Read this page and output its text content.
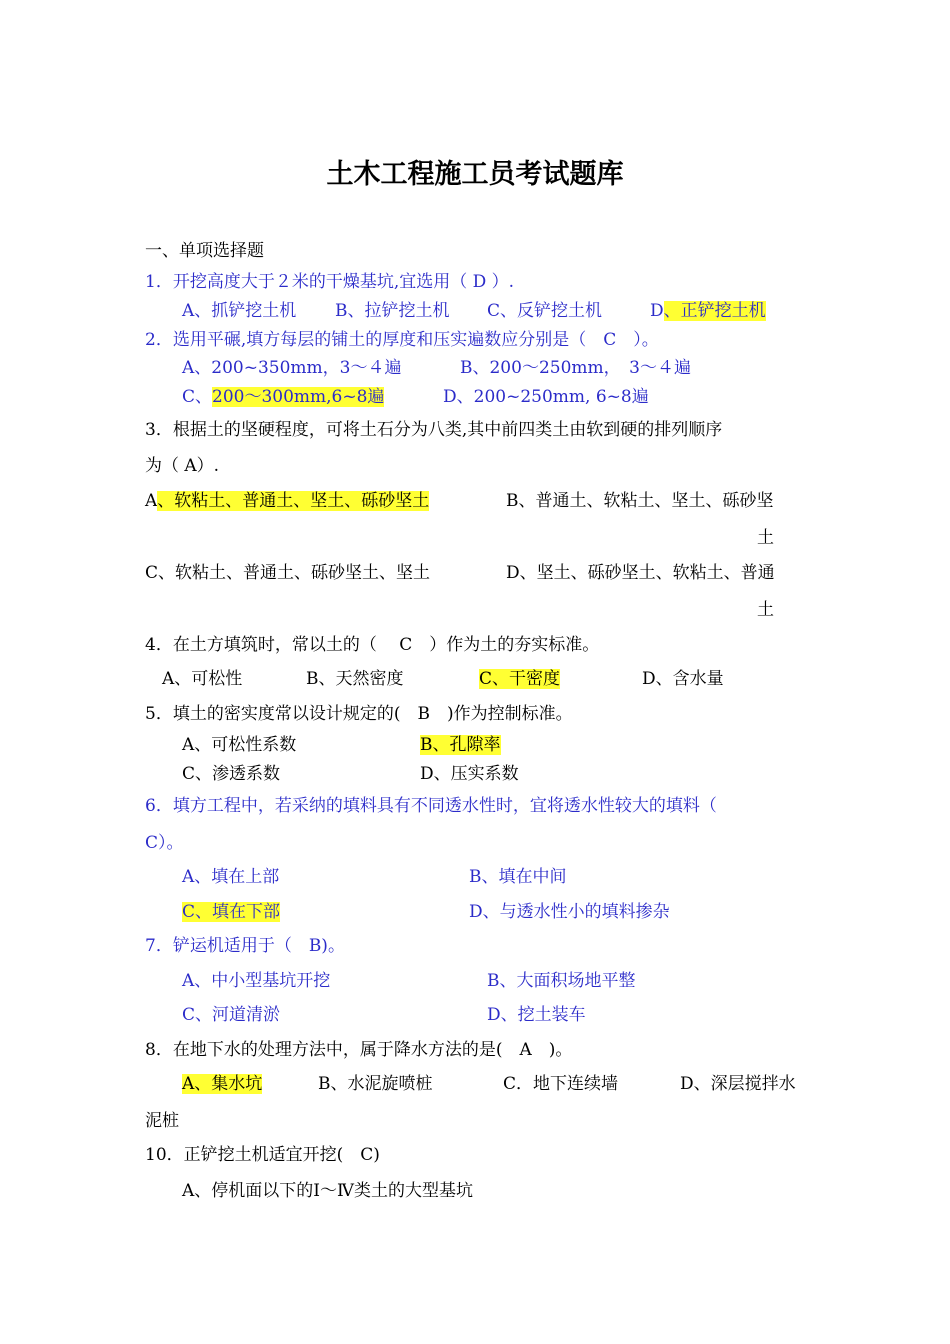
土木工程施工员考试题库
一、单项选择题
1．开挖高度大于２米的干燥基坑,宜选用（ D ）.
A、抓铲挖土机 B、拉铲挖土机 C、反铲挖土机	D、正铲挖土机
2．选用平碾,填方每层的铺土的厚度和压实遍数应分别是（　C　）。
A、200~350mm，3～４遍	B、200～250mm，　3～４遍
C、200～300mm,6~8遍	D、200~250mm, 6~8遍
3．根据土的坚硬程度，可将土石分为八类,其中前四类土由软到硬的排列顺序
为（ A）.
A、软粘土、普通土、坚土、砾砂坚土	B、普通土、软粘土、坚土、砾砂坚
土
C、软粘土、普通土、砾砂坚土、坚土	D、坚土、砾砂坚土、软粘土、普通
土
4．在土方填筑时，常以土的（　 C　）作为土的夯实标准。
A、可松性	B、天然密度	C、干密度	D、含水量
5．填土的密实度常以设计规定的(　B　)作为控制标准。
A、可松性系数	B、孔隙率
C、渗透系数	D、压实系数
6．填方工程中，若采纳的填料具有不同透水性时，宜将透水性较大的填料（
C）。
A、填在上部	B、填在中间
C、填在下部	D、与透水性小的填料掺杂
7．铲运机适用于（　B)。
A、中小型基坑开挖	B、大面积场地平整
C、河道清淤	D、挖土装车
8．在地下水的处理方法中，属于降水方法的是(　A　)。
A、集水坑	B、水泥旋喷桩	C．地下连续墙	D、深层搅拌水
泥桩
10．正铲挖土机适宜开挖(　C)
A、停机面以下的Ⅰ～Ⅳ类土的大型基坑
